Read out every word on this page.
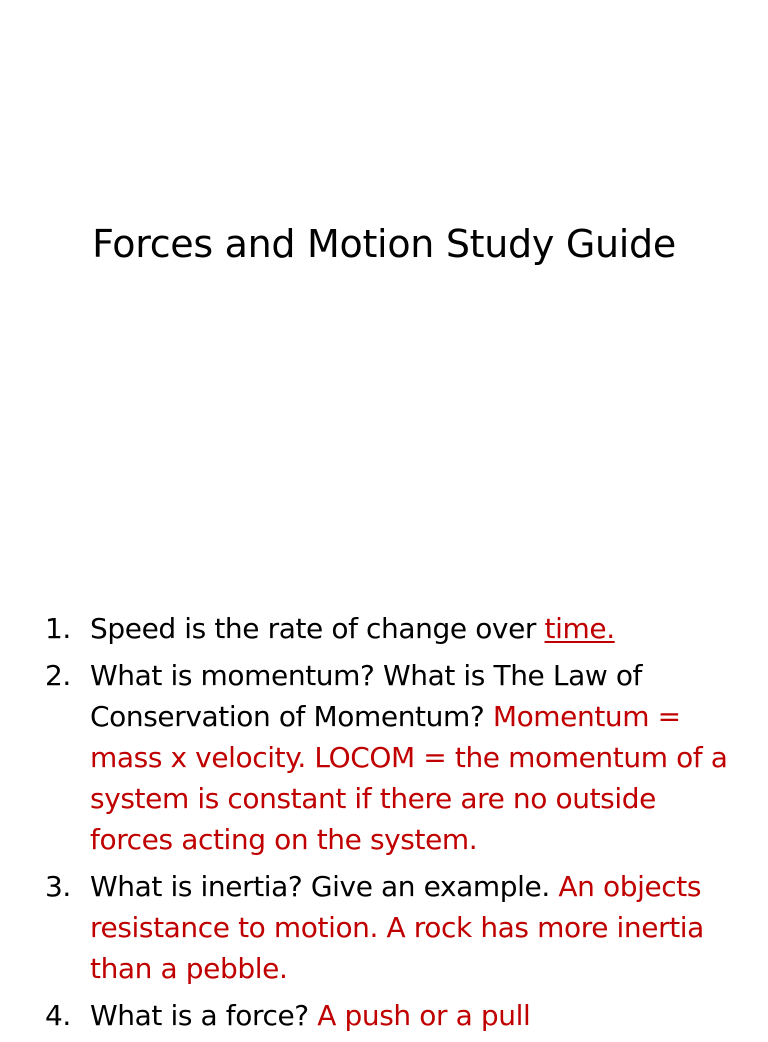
Forces and Motion Study Guide
1. Speed is the rate of change over time.
2. What is momentum? What is The Law of Conservation of Momentum? Momentum = mass x velocity. LOCOM = the momentum of a system is constant if there are no outside forces acting on the system.
3. What is inertia? Give an example. An objects resistance to motion. A rock has more inertia than a pebble.
4. What is a force? A push or a pull
